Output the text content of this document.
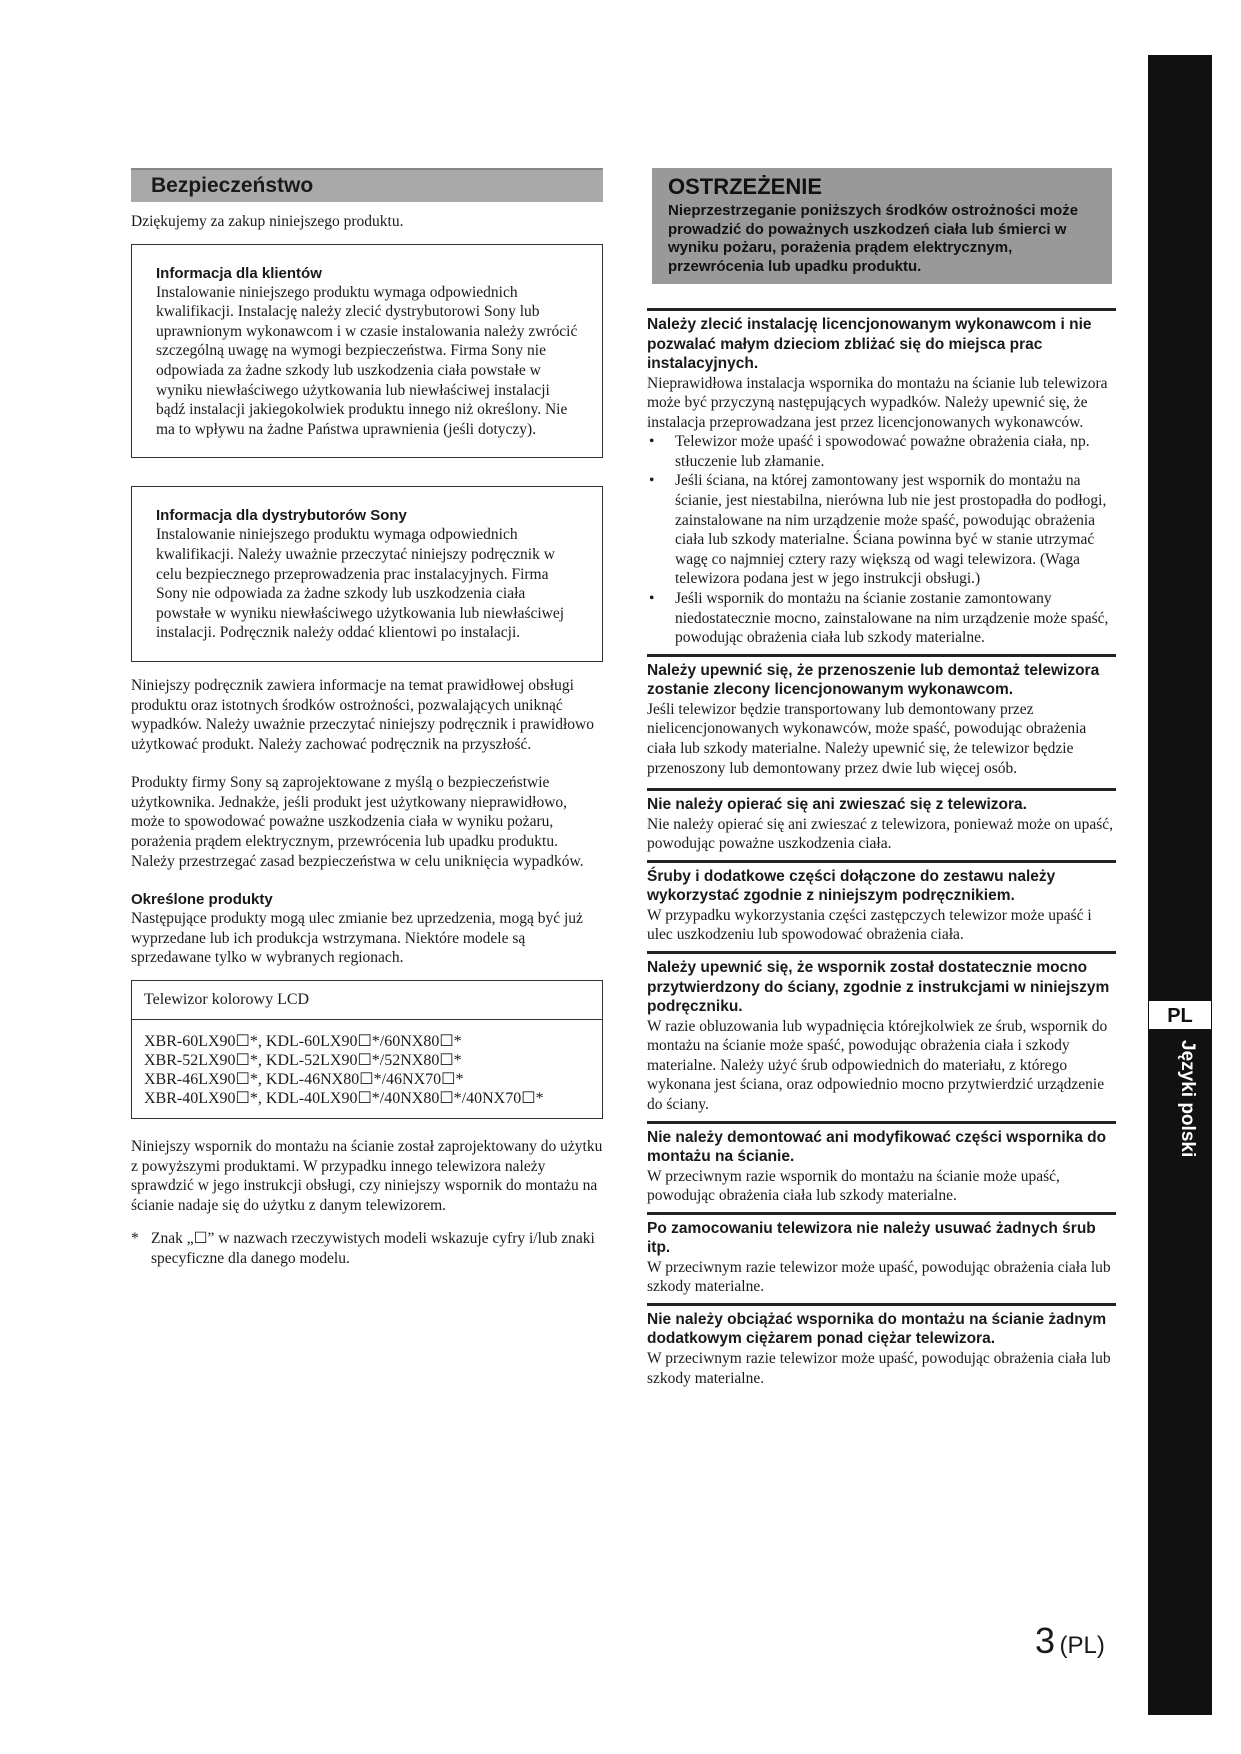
PL
Języki polski
Bezpieczeństwo

Dziękujemy za zakup niniejszego produktu.

Informacja dla klientów

Instalowanie niniejszego produktu wymaga odpowiednich kwalifikacji. Instalację należy zlecić dystrybutorowi Sony lub uprawnionym wykonawcom i w czasie instalowania należy zwrócić szczególną uwagę na wymogi bezpieczeństwa. Firma Sony nie odpowiada za żadne szkody lub uszkodzenia ciała powstałe w wyniku niewłaściwego użytkowania lub niewłaściwej instalacji bądź instalacji jakiegokolwiek produktu innego niż określony. Nie ma to wpływu na żadne Państwa uprawnienia (jeśli dotyczy).

Informacja dla dystrybutorów Sony

Instalowanie niniejszego produktu wymaga odpowiednich kwalifikacji. Należy uważnie przeczytać niniejszy podręcznik w celu bezpiecznego przeprowadzenia prac instalacyjnych. Firma Sony nie odpowiada za żadne szkody lub uszkodzenia ciała powstałe w wyniku niewłaściwego użytkowania lub niewłaściwej instalacji. Podręcznik należy oddać klientowi po instalacji.

Niniejszy podręcznik zawiera informacje na temat prawidłowej obsługi produktu oraz istotnych środków ostrożności, pozwalających uniknąć wypadków. Należy uważnie przeczytać niniejszy podręcznik i prawidłowo użytkować produkt. Należy zachować podręcznik na przyszłość.

Produkty firmy Sony są zaprojektowane z myślą o bezpieczeństwie użytkownika. Jednakże, jeśli produkt jest użytkowany nieprawidłowo, może to spowodować poważne uszkodzenia ciała w wyniku pożaru, porażenia prądem elektrycznym, przewrócenia lub upadku produktu. Należy przestrzegać zasad bezpieczeństwa w celu uniknięcia wypadków.

Określone produkty

Następujące produkty mogą ulec zmianie bez uprzedzenia, mogą być już wyprzedane lub ich produkcja wstrzymana. Niektóre modele są sprzedawane tylko w wybranych regionach.

Telewizor kolorowy LCD
XBR-60LX90☐*, KDL-60LX90☐*/60NX80☐*
XBR-52LX90☐*, KDL-52LX90☐*/52NX80☐*
XBR-46LX90☐*, KDL-46NX80☐*/46NX70☐*
XBR-40LX90☐*, KDL-40LX90☐*/40NX80☐*/40NX70☐*

Niniejszy wspornik do montażu na ścianie został zaprojektowany do użytku z powyższymi produktami. W przypadku innego telewizora należy sprawdzić w jego instrukcji obsługi, czy niniejszy wspornik do montażu na ścianie nadaje się do użytku z danym telewizorem.

* Znak „☐” w nazwach rzeczywistych modeli wskazuje cyfry i/lub znaki specyficzne dla danego modelu.
OSTRZEŻENIE
Nieprzestrzeganie poniższych środków ostrożności może prowadzić do poważnych uszkodzeń ciała lub śmierci w wyniku pożaru, porażenia prądem elektrycznym, przewrócenia lub upadku produktu.
Należy zlecić instalację licencjonowanym wykonawcom i nie pozwalać małym dzieciom zbliżać się do miejsca prac instalacyjnych.

Nieprawidłowa instalacja wspornika do montażu na ścianie lub telewizora może być przyczyną następujących wypadków. Należy upewnić się, że instalacja przeprowadzana jest przez licencjonowanych wykonawców.

• Telewizor może upaść i spowodować poważne obrażenia ciała, np. stłuczenie lub złamanie.
• Jeśli ściana, na której zamontowany jest wspornik do montażu na ścianie, jest niestabilna, nierówna lub nie jest prostopadła do podłogi, zainstalowane na nim urządzenie może spaść, powodując obrażenia ciała lub szkody materialne. Ściana powinna być w stanie utrzymać wagę co najmniej cztery razy większą od wagi telewizora. (Waga telewizora podana jest w jego instrukcji obsługi.)
• Jeśli wspornik do montażu na ścianie zostanie zamontowany niedostatecznie mocno, zainstalowane na nim urządzenie może spaść, powodując obrażenia ciała lub szkody materialne.
Należy upewnić się, że przenoszenie lub demontaż telewizora zostanie zlecony licencjonowanym wykonawcom.

Jeśli telewizor będzie transportowany lub demontowany przez nielicencjonowanych wykonawców, może spaść, powodując obrażenia ciała lub szkody materialne. Należy upewnić się, że telewizor będzie przenoszony lub demontowany przez dwie lub więcej osób.

Nie należy opierać się ani zwieszać się z telewizora.

Nie należy opierać się ani zwieszać z telewizora, ponieważ może on upaść, powodując poważne uszkodzenia ciała.

Śruby i dodatkowe części dołączone do zestawu należy wykorzystać zgodnie z niniejszym podręcznikiem.

W przypadku wykorzystania części zastępczych telewizor może upaść i ulec uszkodzeniu lub spowodować obrażenia ciała.

Należy upewnić się, że wspornik został dostatecznie mocno przytwierdzony do ściany, zgodnie z instrukcjami w niniejszym podręczniku.

W razie obluzowania lub wypadnięcia którejkolwiek ze śrub, wspornik do montażu na ścianie może spaść, powodując obrażenia ciała i szkody materialne. Należy użyć śrub odpowiednich do materiału, z którego wykonana jest ściana, oraz odpowiednio mocno przytwierdzić urządzenie do ściany.

Nie należy demontować ani modyfikować części wspornika do montażu na ścianie.

W przeciwnym razie wspornik do montażu na ścianie może upaść, powodując obrażenia ciała lub szkody materialne.

Po zamocowaniu telewizora nie należy usuwać żadnych śrub itp.

W przeciwnym razie telewizor może upaść, powodując obrażenia ciała lub szkody materialne.

Nie należy obciążać wspornika do montażu na ścianie żadnym dodatkowym ciężarem ponad ciężar telewizora.

W przeciwnym razie telewizor może upaść, powodując obrażenia ciała lub szkody materialne.

3 (PL)
